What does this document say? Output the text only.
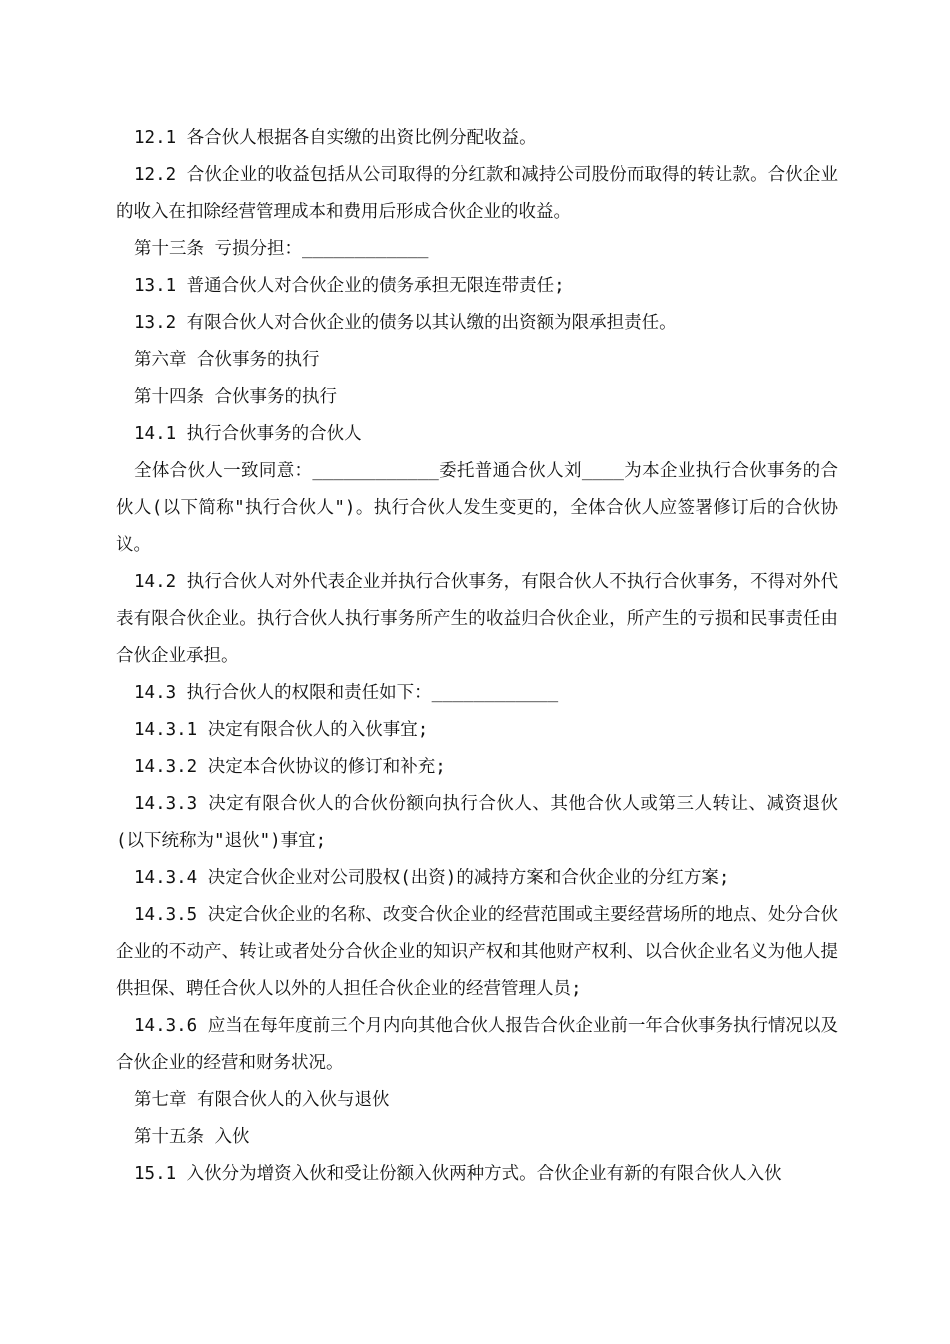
12.1 各合伙人根据各自实缴的出资比例分配收益。

12.2 合伙企业的收益包括从公司取得的分红款和减持公司股份而取得的转让款。合伙企业的收入在扣除经营管理成本和费用后形成合伙企业的收益。

第十三条 亏损分担：____________

13.1 普通合伙人对合伙企业的债务承担无限连带责任;

13.2 有限合伙人对合伙企业的债务以其认缴的出资额为限承担责任。

第六章 合伙事务的执行

第十四条 合伙事务的执行

14.1 执行合伙事务的合伙人

全体合伙人一致同意：____________委托普通合伙人刘____为本企业执行合伙事务的合伙人(以下简称"执行合伙人")。执行合伙人发生变更的，全体合伙人应签署修订后的合伙协议。

14.2 执行合伙人对外代表企业并执行合伙事务，有限合伙人不执行合伙事务，不得对外代表有限合伙企业。执行合伙人执行事务所产生的收益归合伙企业，所产生的亏损和民事责任由合伙企业承担。

14.3 执行合伙人的权限和责任如下：____________

14.3.1 决定有限合伙人的入伙事宜;

14.3.2 决定本合伙协议的修订和补充;

14.3.3 决定有限合伙人的合伙份额向执行合伙人、其他合伙人或第三人转让、减资退伙(以下统称为"退伙")事宜;

14.3.4 决定合伙企业对公司股权(出资)的减持方案和合伙企业的分红方案;

14.3.5 决定合伙企业的名称、改变合伙企业的经营范围或主要经营场所的地点、处分合伙企业的不动产、转让或者处分合伙企业的知识产权和其他财产权利、以合伙企业名义为他人提供担保、聘任合伙人以外的人担任合伙企业的经营管理人员;

14.3.6 应当在每年度前三个月内向其他合伙人报告合伙企业前一年合伙事务执行情况以及合伙企业的经营和财务状况。

第七章 有限合伙人的入伙与退伙

第十五条 入伙

15.1 入伙分为增资入伙和受让份额入伙两种方式。合伙企业有新的有限合伙人入伙
